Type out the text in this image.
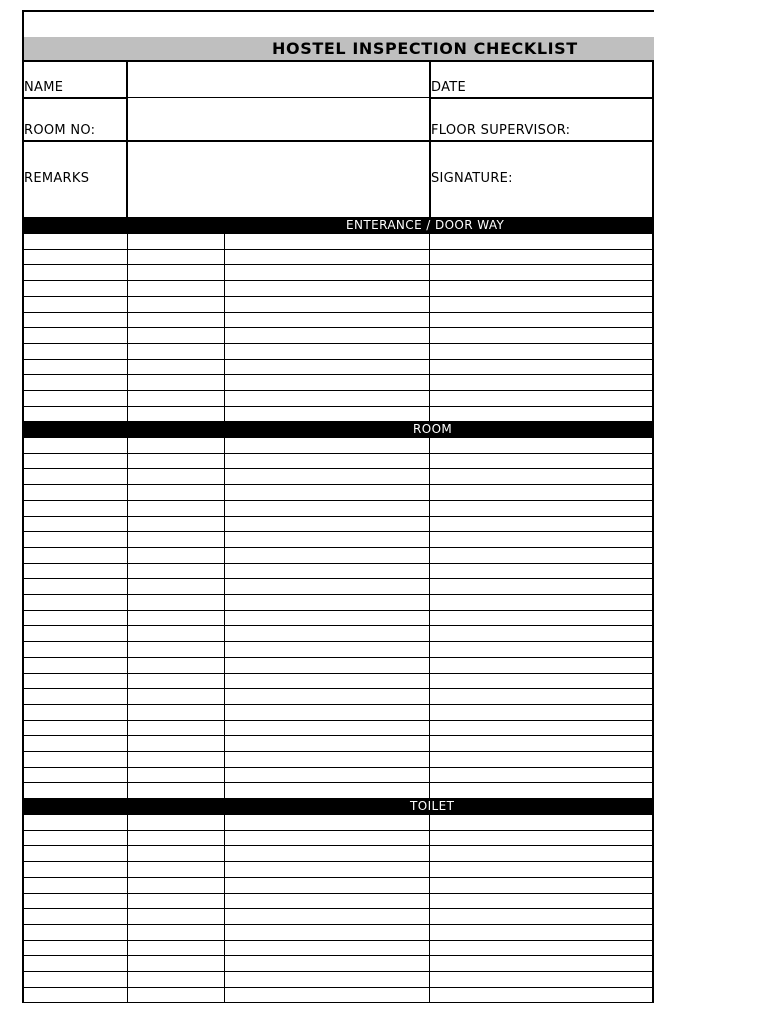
HOSTEL INSPECTION CHECKLIST
NAME	DATE
ROOM NO:	FLOOR SUPERVISOR:
REMARKS	SIGNATURE:
ENTERANCE / DOOR WAY
ROOM
TOILET
